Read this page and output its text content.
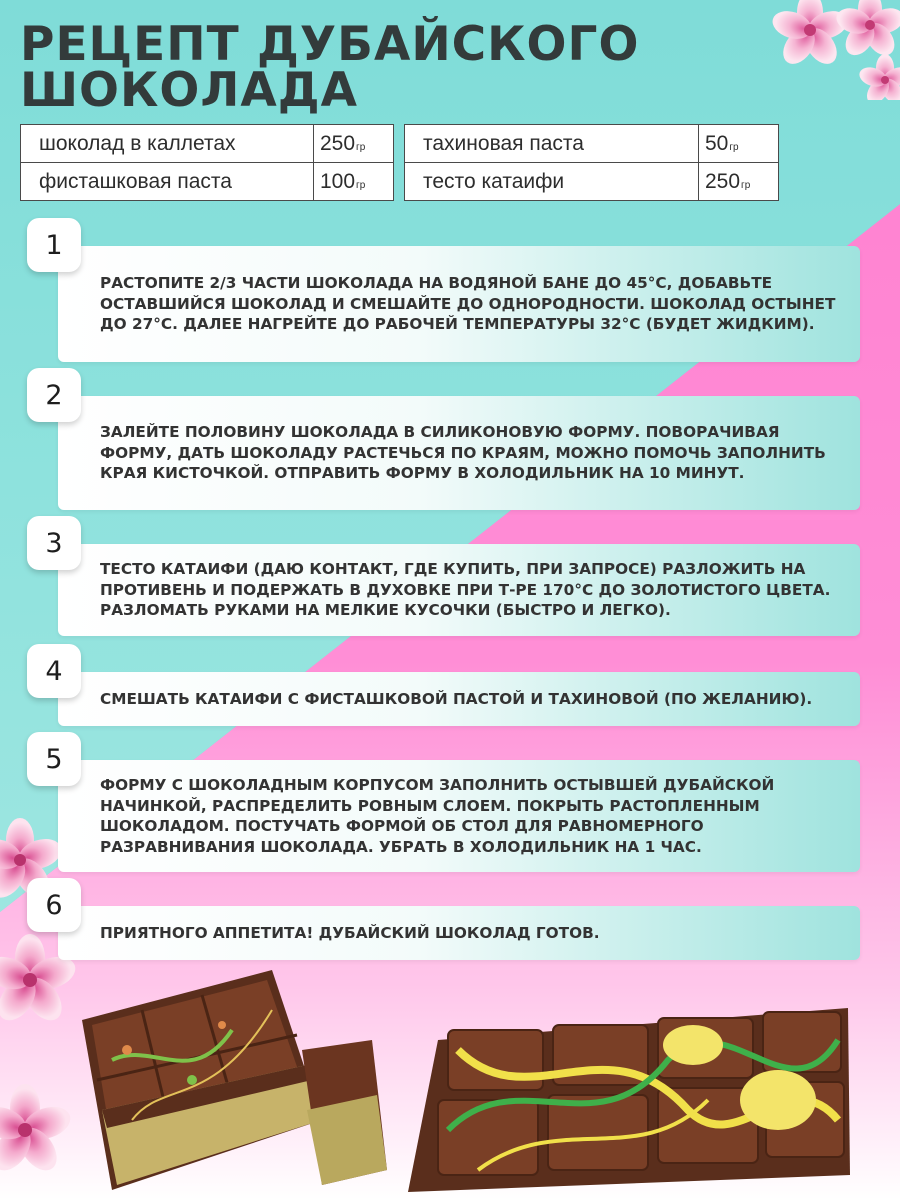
РЕЦЕПТ ДУБАЙСКОГО ШОКОЛАДА
шоколад в каллетах	250гр
фисташковая паста	100гр
тахиновая паста	50гр
тесто катаифи	250гр

РАСТОПИТЕ 2/3 ЧАСТИ ШОКОЛАДА НА ВОДЯНОЙ БАНЕ ДО 45°С, ДОБАВЬТЕ ОСТАВШИЙСЯ ШОКОЛАД И СМЕШАЙТЕ ДО ОДНОРОДНОСТИ. ШОКОЛАД ОСТЫНЕТ ДО 27°С. ДАЛЕЕ НАГРЕЙТЕ ДО РАБОЧЕЙ ТЕМПЕРАТУРЫ 32°С (БУДЕТ ЖИДКИМ).

1

ЗАЛЕЙТЕ ПОЛОВИНУ ШОКОЛАДА В СИЛИКОНОВУЮ ФОРМУ. ПОВОРАЧИВАЯ ФОРМУ, ДАТЬ ШОКОЛАДУ РАСТЕЧЬСЯ ПО КРАЯМ, МОЖНО ПОМОЧЬ ЗАПОЛНИТЬ КРАЯ КИСТОЧКОЙ. ОТПРАВИТЬ ФОРМУ В ХОЛОДИЛЬНИК НА 10 МИНУТ.

2

ТЕСТО КАТАИФИ (ДАЮ КОНТАКТ, ГДЕ КУПИТЬ, ПРИ ЗАПРОСЕ) РАЗЛОЖИТЬ НА ПРОТИВЕНЬ И ПОДЕРЖАТЬ В ДУХОВКЕ ПРИ Т-РЕ 170°С ДО ЗОЛОТИСТОГО ЦВЕТА. РАЗЛОМАТЬ РУКАМИ НА МЕЛКИЕ КУСОЧКИ (БЫСТРО И ЛЕГКО).

3

СМЕШАТЬ КАТАИФИ С ФИСТАШКОВОЙ ПАСТОЙ И ТАХИНОВОЙ (ПО ЖЕЛАНИЮ).

4

ФОРМУ С ШОКОЛАДНЫМ КОРПУСОМ ЗАПОЛНИТЬ ОСТЫВШЕЙ ДУБАЙСКОЙ НАЧИНКОЙ, РАСПРЕДЕЛИТЬ РОВНЫМ СЛОЕМ. ПОКРЫТЬ РАСТОПЛЕННЫМ ШОКОЛАДОМ. ПОСТУЧАТЬ ФОРМОЙ ОБ СТОЛ ДЛЯ РАВНОМЕРНОГО РАЗРАВНИВАНИЯ ШОКОЛАДА. УБРАТЬ В ХОЛОДИЛЬНИК НА 1 ЧАС.

5

ПРИЯТНОГО АППЕТИТА! ДУБАЙСКИЙ ШОКОЛАД ГОТОВ.

6
